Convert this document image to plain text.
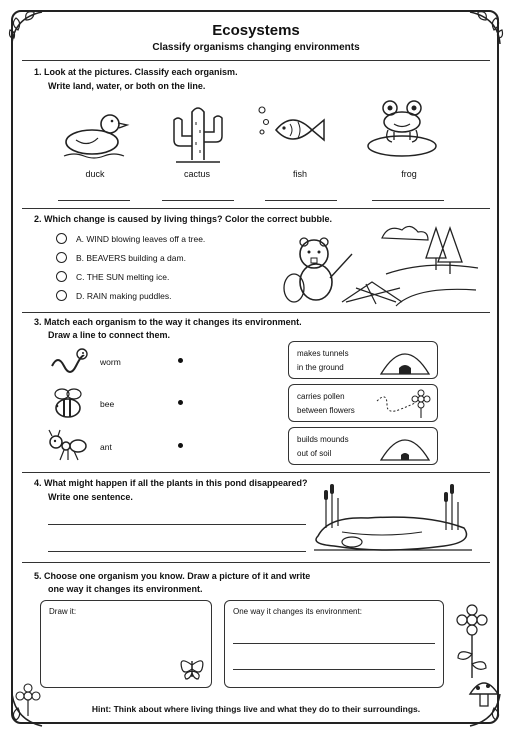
Ecosystems
Classify organisms changing environments
1. Look at the pictures. Classify each organism.
Write land, water, or both on the line.
duck	cactus	fish	frog
2. Which change is caused by living things? Color the correct bubble.
A. WIND blowing leaves off a tree.
B. BEAVERS building a dam.
C. THE SUN melting ice.
D. RAIN making puddles.
3. Match each organism to the way it changes its environment.
Draw a line to connect them.
worm
bee
ant
makes tunnels
in the ground
carries pollen
between flowers
builds mounds
out of soil
4. What might happen if all the plants in this pond disappeared?
Write one sentence.
5. Choose one organism you know. Draw a picture of it and write
one way it changes its environment.
Draw it:	One way it changes its environment:
Hint: Think about where living things live and what they do to their surroundings.
